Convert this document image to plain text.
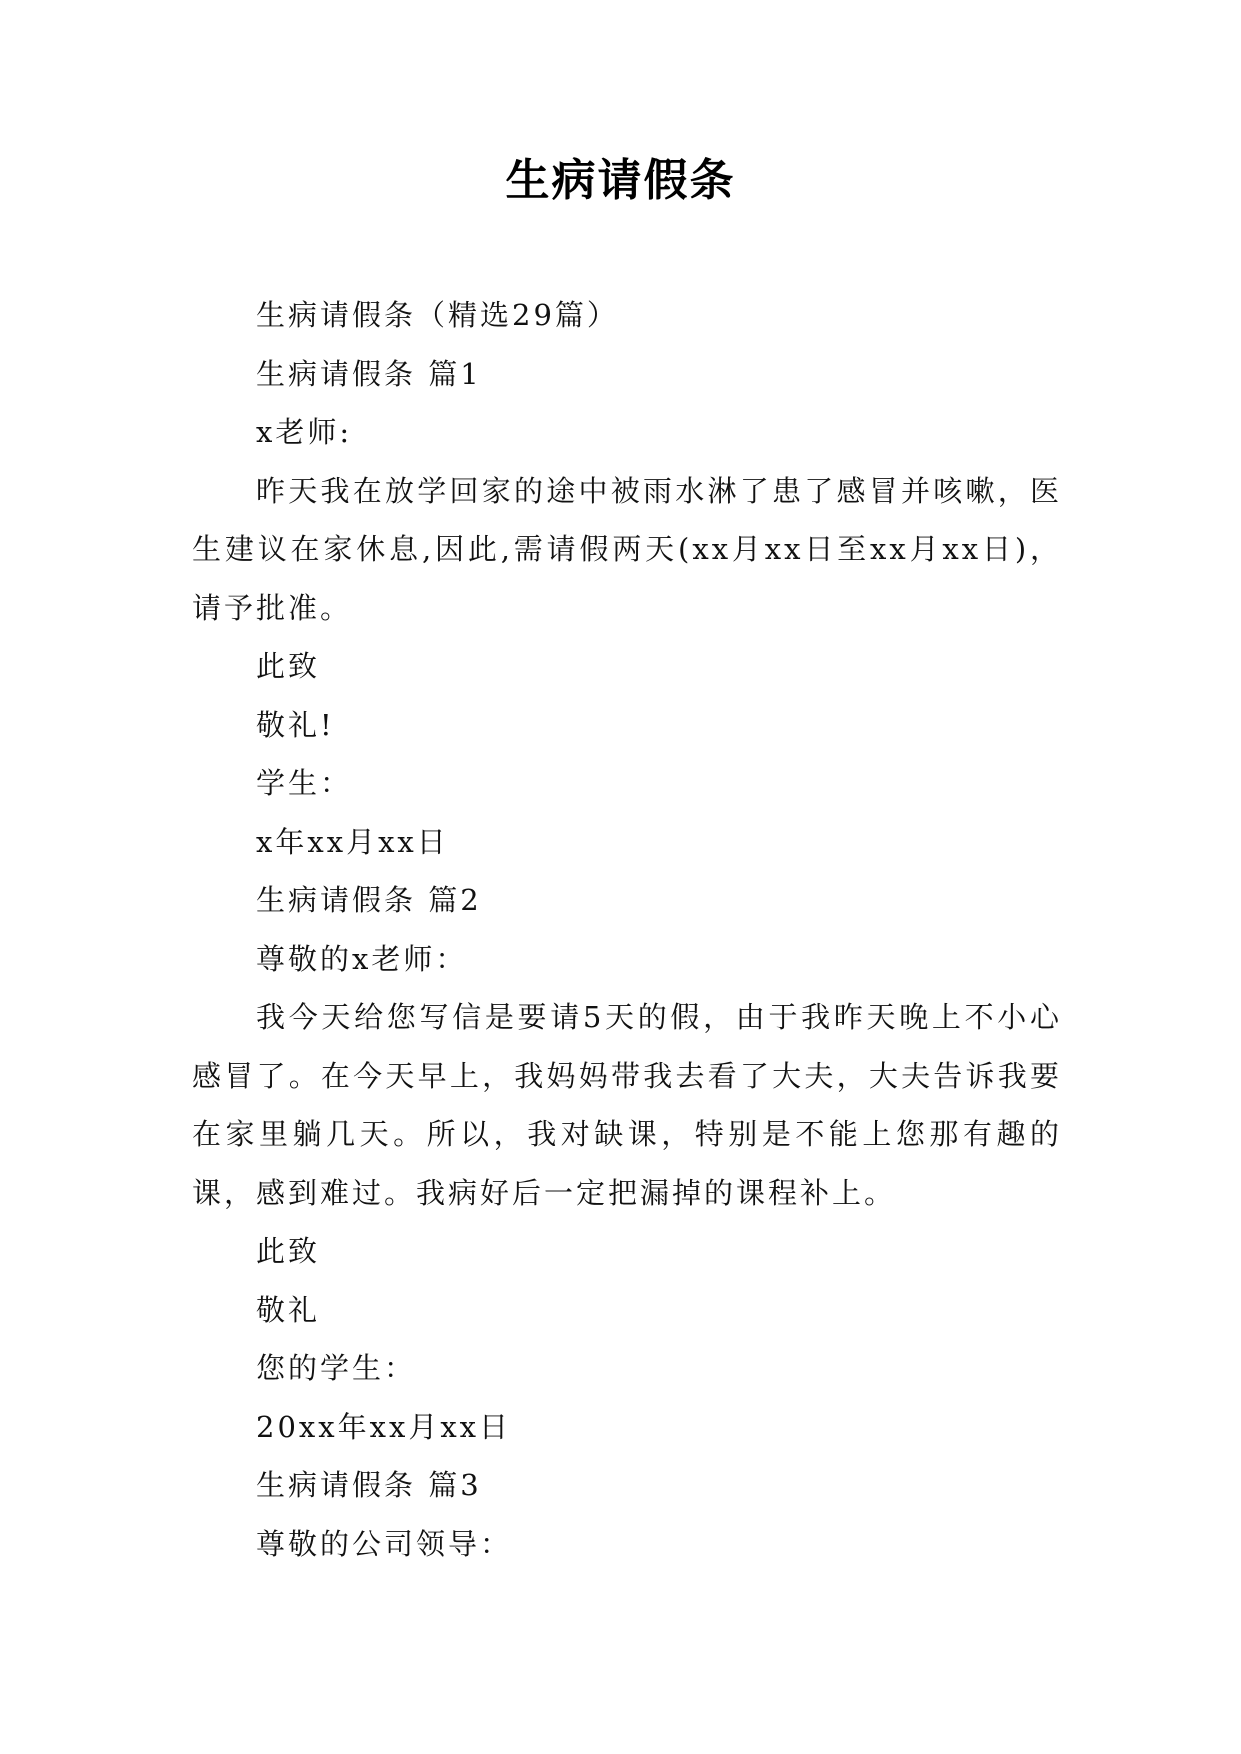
生病请假条

生病请假条（精选29篇）

生病请假条 篇1

x老师:

昨天我在放学回家的途中被雨水淋了患了感冒并咳嗽，医生建议在家休息,因此,需请假两天(xx月xx日至xx月xx日)，请予批准。

此致

敬礼!

学生：

x年xx月xx日

生病请假条 篇2

尊敬的x老师：

我今天给您写信是要请5天的假，由于我昨天晚上不小心感冒了。在今天早上，我妈妈带我去看了大夫，大夫告诉我要在家里躺几天。所以，我对缺课，特别是不能上您那有趣的课，感到难过。我病好后一定把漏掉的课程补上。

此致

敬礼

您的学生：

20xx年xx月xx日

生病请假条 篇3

尊敬的公司领导：
